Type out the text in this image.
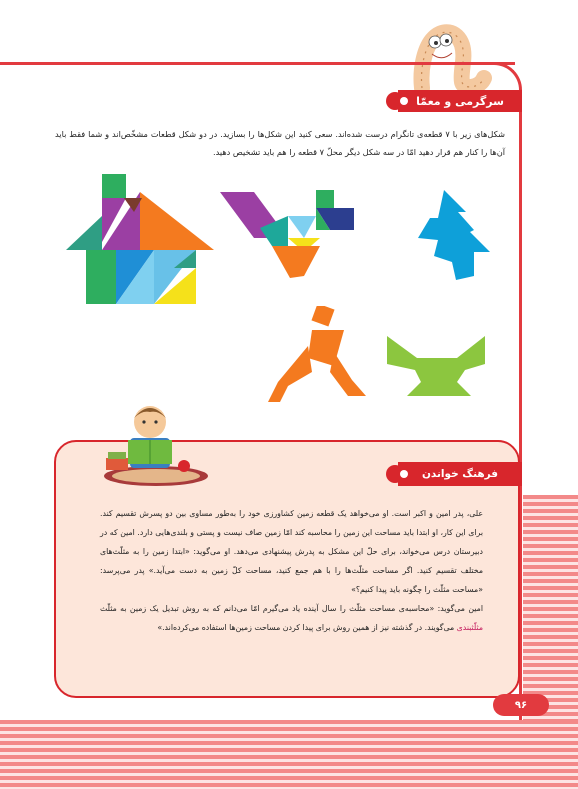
سرگرمی و معمّا
شکل‌های زیر با ۷ قطعه‌ی تانگرام درست شده‌اند. سعی کنید این شکل‌ها را بسازید. در دو شکل قطعات مشخّص‌اند و شما فقط باید آن‌ها را کنار هم قرار دهید امّا در سه شکل دیگر محلّ ۷ قطعه را هم باید تشخیص دهید.
فرهنگ خواندن
علی، پدر امین و اکبر است. او می‌خواهد یک قطعه زمین کشاورزی خود را به‌طور مساوی بین دو پسرش تقسیم کند. برای این کار، او ابتدا باید مساحت این زمین را محاسبه کند امّا زمین صاف نیست و پستی و بلندی‌هایی دارد. امین که در دبیرستان درس می‌خواند، برای حلّ این مشکل به پدرش پیشنهادی می‌دهد. او می‌گوید: «ابتدا زمین را به مثلّث‌های مختلف تقسیم کنید. اگر مساحت مثلّث‌ها را با هم جمع کنید، مساحت کلّ زمین به دست می‌آید.» پدر می‌پرسد: «مساحت مثلّث را چگونه باید پیدا کنیم؟»
امین می‌گوید: «محاسبه‌ی مساحت مثلّث را سال آینده یاد می‌گیرم امّا می‌دانم که به روش تبدیل یک زمین به مثلّث مثلّثبندی می‌گویند. در گذشته نیز از همین روش برای پیدا کردن مساحت زمین‌ها استفاده می‌کرده‌اند.»
۹۶
